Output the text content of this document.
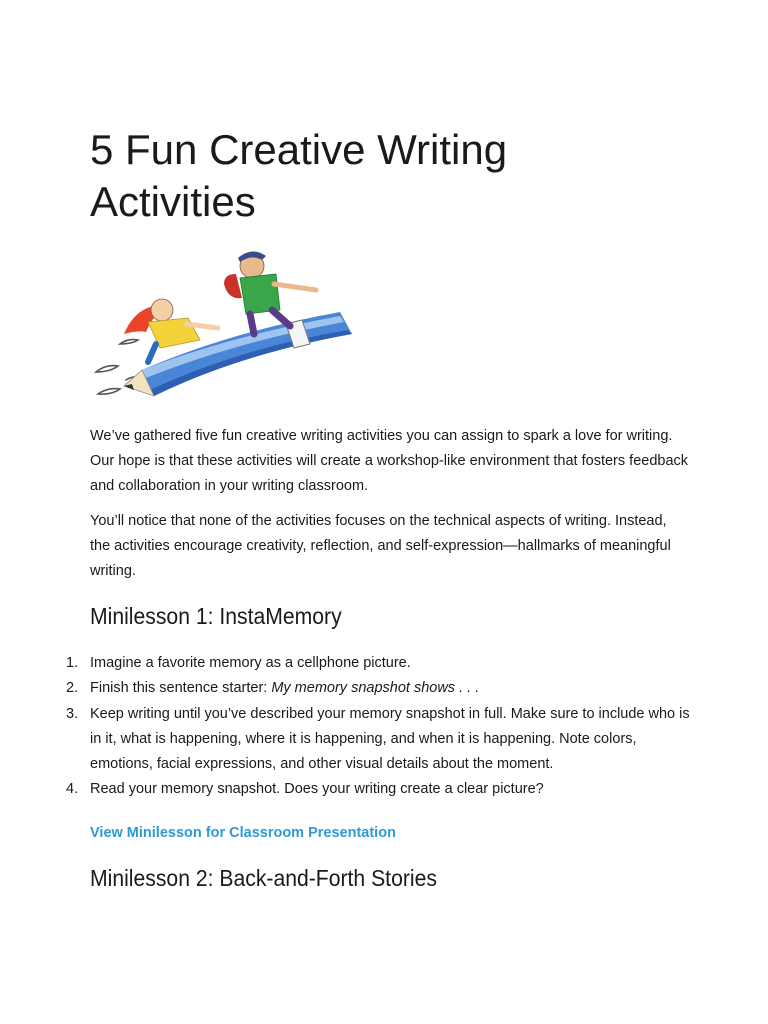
5 Fun Creative Writing Activities

We’ve gathered five fun creative writing activities you can assign to spark a love for writing. Our hope is that these activities will create a workshop-like environment that fosters feedback and collaboration in your writing classroom.

You’ll notice that none of the activities focuses on the technical aspects of writing. Instead, the activities encourage creativity, reflection, and self-expression—hallmarks of meaningful writing.

Minilesson 1: InstaMemory
1. Imagine a favorite memory as a cellphone picture.
2. Finish this sentence starter: My memory snapshot shows . . .
3. Keep writing until you’ve described your memory snapshot in full. Make sure to include who is in it, what is happening, where it is happening, and when it is happening. Note colors, emotions, facial expressions, and other visual details about the moment.
4. Read your memory snapshot. Does your writing create a clear picture?
View Minilesson for Classroom Presentation
Minilesson 2: Back-and-Forth Stories
